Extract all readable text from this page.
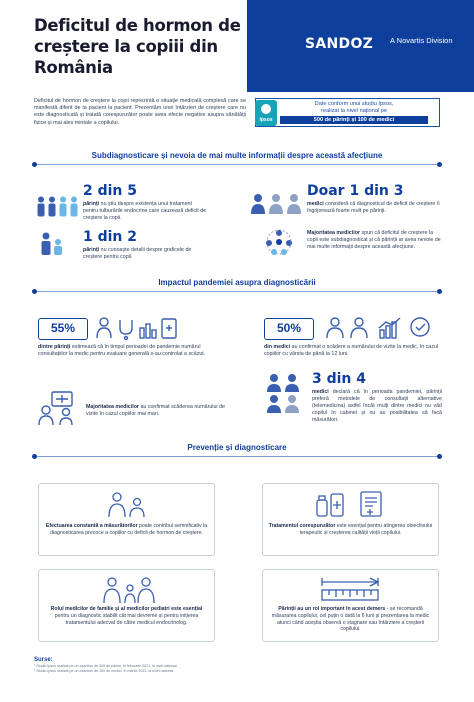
Deficitul de hormon de creștere la copiii din România
SANDOZ A Novartis Division
Deficitul de hormon de creștere la copii reprezintă o situație medicală complexă care se manifestă diferit de la pacient la pacient. Prezentăm unei întârzieri de creștere care nu este diagnosticată și tratată corespunzător poate avea efecte negative asupra sănătății fizice și mai ales mintale a copilului.	Ipsos
Date conform unui studiu Ipsos,
realizat la nivel național pe
500 de părinți și 100 de medici
Subdiagnosticare și nevoia de mai multe informații despre această afecțiune
2 din 5
părinți nu știu despre existența unui tratament pentru tulburările endocrine care cauzează deficit de creștere la copii.
1 din 2
părinți nu cunoaște detalii despre graficele de creștere pentru copii.
Doar 1 din 3
medici consideră că diagnosticul de deficit de creștere îi îngrijorează foarte mult pe părinți.
Majoritatea medicilor spun că deficitul de creștere la copii este subdiagnosticat și că părinții ar avea nevoie de mai multe informații despre această afecțiune.
Impactul pandemiei asupra diagnosticării
55%
dintre părinți estimează că în timpul perioadei de pandemie numărul consultațiilor la medic pentru evaluare generală s-au controlat a scăzut.
50%
din medici au confirmat o scădere a numărului de vizite la medic, în cazul copiilor cu vârsta de până la 12 luni.
Majoritatea medicilor au confirmat scăderea numărului de vizite în cazul copiilor mai mari.
3 din 4
medici declară că în perioada pandemiei, părinții preferă metodele de consultații alternative (telemedicina) astfel încât mulți dintre medici nu văd copilul în cabinet și nu au posibilitatea să facă măsurători.
Prevenție și diagnosticare
Efectuarea constantă a măsurătorilor poate contribui semnificativ la diagnosticarea precoce a copiilor cu deficit de hormon de creștere.
Tratamentul corespunzător este esențial pentru atingerea obiectivului terapeutic și creșterea calității vieții copilului.
Rolul medicilor de familie și al medicilor pediatri este esențial pentru un diagnostic stabilit cât mai devreme și pentru inițierea tratamentului adecvat de către medicul endocrinolog.
Părinții au un rol important în acest demers - se recomandă măsurarea copilului, cel puțin o dată la 6 luni și prezentarea la medic atunci când aceștia observă o stagnare sau întârziere a creșterii copilului.
Surse:
¹ Studiu Ipsos realizat pe un eșantion de 500 de părinți, în februarie 2021, la nivel național
² Studiu Ipsos realizat pe un eșantion de 100 de medici, în martie 2021, la nivel național
